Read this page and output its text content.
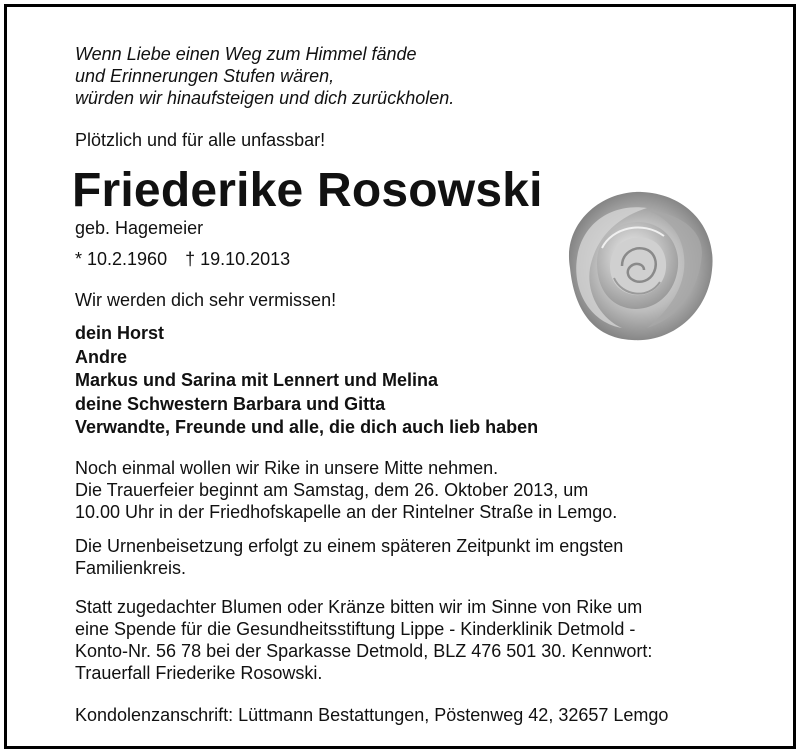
Wenn Liebe einen Weg zum Himmel fände
und Erinnerungen Stufen wären,
würden wir hinaufsteigen und dich zurückholen.
Plötzlich und für alle unfassbar!
Friederike Rosowski
geb. Hagemeier
* 10.2.1960 † 19.10.2013
Wir werden dich sehr vermissen!
dein Horst
Andre
Markus und Sarina mit Lennert und Melina
deine Schwestern Barbara und Gitta
Verwandte, Freunde und alle, die dich auch lieb haben
Noch einmal wollen wir Rike in unsere Mitte nehmen.
Die Trauerfeier beginnt am Samstag, dem 26. Oktober 2013, um
10.00 Uhr in der Friedhofskapelle an der Rintelner Straße in Lemgo.
Die Urnenbeisetzung erfolgt zu einem späteren Zeitpunkt im engsten
Familienkreis.
Statt zugedachter Blumen oder Kränze bitten wir im Sinne von Rike um
eine Spende für die Gesundheitsstiftung Lippe - Kinderklinik Detmold -
Konto-Nr. 56 78 bei der Sparkasse Detmold, BLZ 476 501 30. Kennwort:
Trauerfall Friederike Rosowski.
Kondolenzanschrift: Lüttmann Bestattungen, Pöstenweg 42, 32657 Lemgo
